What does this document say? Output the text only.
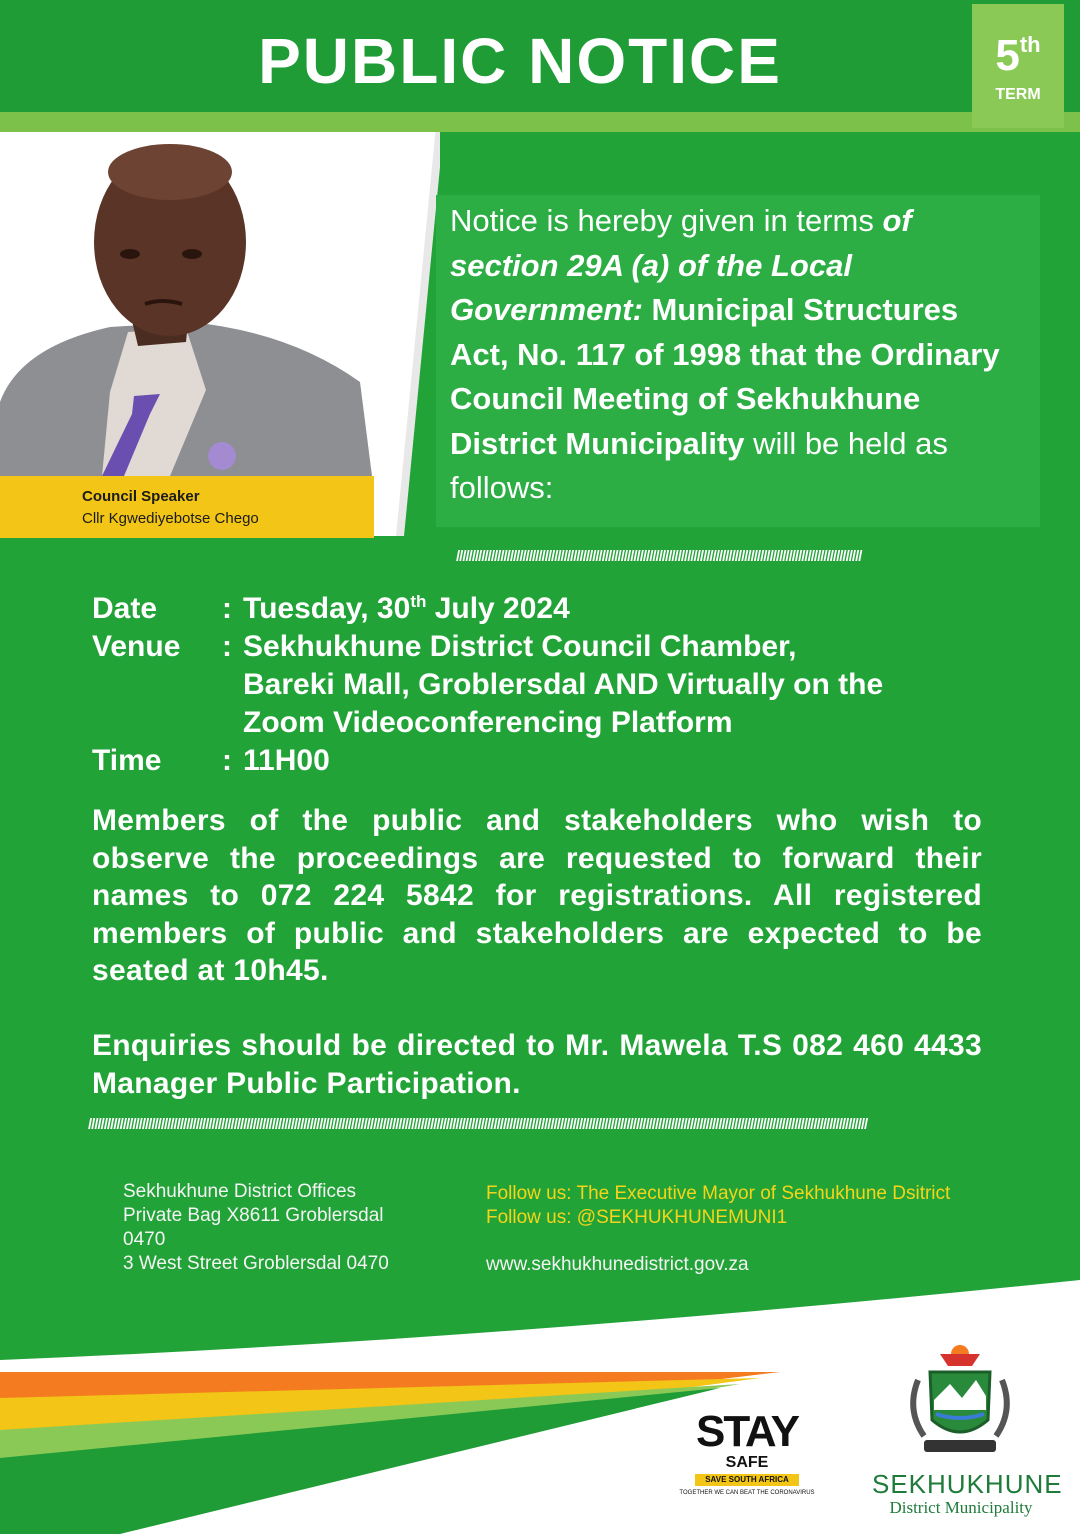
PUBLIC NOTICE	5th
TERM
Council Speaker
Cllr Kgwediyebotse Chego
Notice is hereby given in terms of section 29A (a) of the Local Government: Municipal Structures Act, No. 117 of 1998 that the Ordinary Council Meeting of Sekhukhune District Municipality will be held as follows:
////////////////////////////////////////////////////////////////////////////////////////////////////////////////////////////////
Date : Tuesday, 30th July 2024
Venue : Sekhukhune District Council Chamber,
Bareki Mall, Groblersdal AND Virtually on the
Zoom Videoconferencing Platform
Time : 11H00
Members of the public and stakeholders who wish to observe the proceedings are requested to forward their names to 072 224 5842 for registrations. All registered members of public and stakeholders are expected to be seated at 10h45.
Enquiries should be directed to Mr. Mawela T.S 082 460 4433 Manager Public Participation.
//////////////////////////////////////////////////////////////////////////////////////////////////////////////////////////////////////////////////////////////////////////////////////////////////////////////////////////////////////////////////////
Sekhukhune District Offices
Private Bag X8611 Groblersdal
0470
3 West Street Groblersdal 0470
Follow us: The Executive Mayor of Sekhukhune Dsitrict
Follow us: @SEKHUKHUNEMUNI1
www.sekhukhunedistrict.gov.za
STAY
SAFE
SAVE SOUTH AFRICA
TOGETHER WE CAN BEAT THE CORONAVIRUS SEKHUKHUNE
District Municipality
